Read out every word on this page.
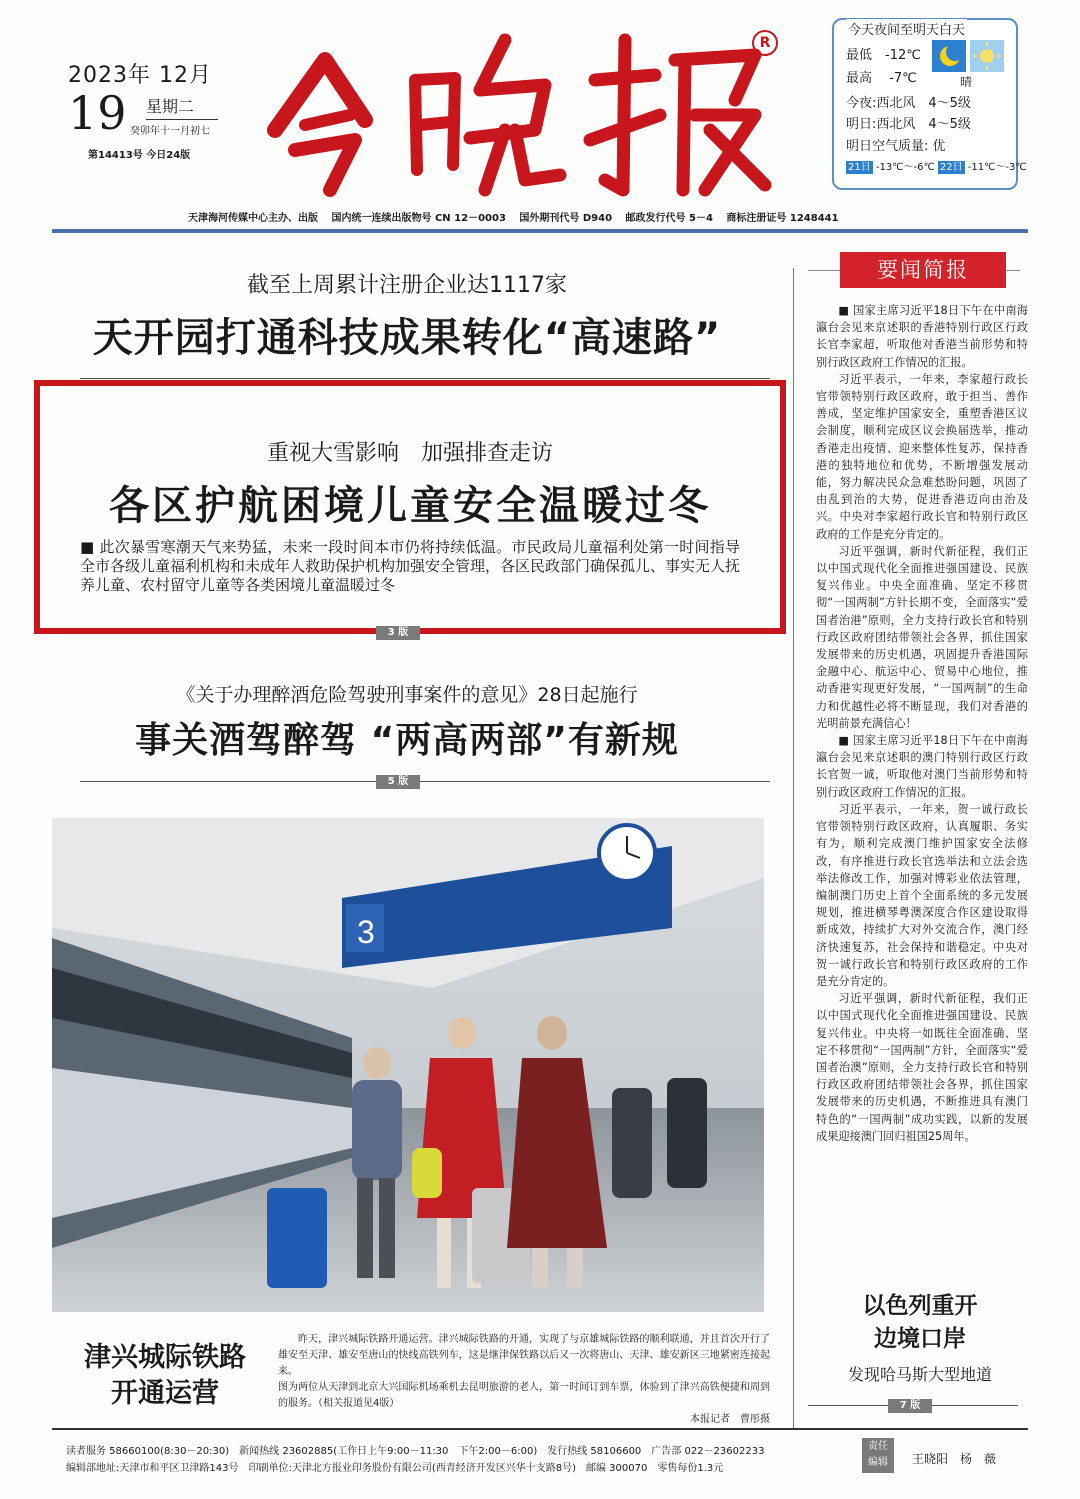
2023年 12月
19 星期二
癸卯年十一月初七
第14413号 今日24版
今晚报
R
今天夜间至明天白天
最低　-12℃
最高　 -7℃	晴
今夜:西北风　4～5级
明日:西北风　4～5级
明日空气质量: 优
21日 -13℃～-6℃ 22日 -11℃～-3℃
天津海河传媒中心主办、出版　 国内统一连续出版物号 CN 12－0003　 国外期刊代号 D940　 邮政发行代号 5－4　 商标注册证号 1248441
截至上周累计注册企业达1117家
天开园打通科技成果转化“高速路”
重视大雪影响　加强排查走访
各区护航困境儿童安全温暖过冬
■ 此次暴雪寒潮天气来势猛，未来一段时间本市仍将持续低温。市民政局儿童福利处第一时间指导全市各级儿童福利机构和未成年人救助保护机构加强安全管理，各区民政部门确保孤儿、事实无人抚养儿童、农村留守儿童等各类困境儿童温暖过冬
3 版
《关于办理醉酒危险驾驶刑事案件的意见》28日起施行
事关酒驾醉驾 “两高两部”有新规
5 版
3
津兴城际铁路
开通运营
昨天，津兴城际铁路开通运营。津兴城际铁路的开通，实现了与京雄城际铁路的顺利联通，并且首次开行了雄安至天津、雄安至唐山的快线高铁列车，这是继津保铁路以后又一次将唐山、天津、雄安新区三地紧密连接起来。
图为两位从天津到北京大兴国际机场乘机去昆明旅游的老人，第一时间订到车票，体验到了津兴高铁便捷和周到的服务。（相关报道见4版）
本报记者　曹彤摄
要闻简报

■ 国家主席习近平18日下午在中南海瀛台会见来京述职的香港特别行政区行政长官李家超，听取他对香港当前形势和特别行政区政府工作情况的汇报。

习近平表示，一年来，李家超行政长官带领特别行政区政府，敢于担当、善作善成，坚定维护国家安全，重塑香港区议会制度，顺利完成区议会换届选举，推动香港走出疫情、迎来整体性复苏，保持香港的独特地位和优势，不断增强发展动能，努力解决民众急难愁盼问题，巩固了由乱到治的大势，促进香港迈向由治及兴。中央对李家超行政长官和特别行政区政府的工作是充分肯定的。

习近平强调，新时代新征程，我们正以中国式现代化全面推进强国建设、民族复兴伟业。中央全面准确、坚定不移贯彻“一国两制”方针长期不变，全面落实“爱国者治港”原则，全力支持行政长官和特别行政区政府团结带领社会各界，抓住国家发展带来的历史机遇，巩固提升香港国际金融中心、航运中心、贸易中心地位，推动香港实现更好发展，“一国两制”的生命力和优越性必将不断显现，我们对香港的光明前景充满信心！

■ 国家主席习近平18日下午在中南海瀛台会见来京述职的澳门特别行政区行政长官贺一诚，听取他对澳门当前形势和特别行政区政府工作情况的汇报。

习近平表示，一年来，贺一诚行政长官带领特别行政区政府，认真履职、务实有为，顺利完成澳门维护国家安全法修改，有序推进行政长官选举法和立法会选举法修改工作，加强对博彩业依法管理，编制澳门历史上首个全面系统的多元发展规划，推进横琴粤澳深度合作区建设取得新成效，持续扩大对外交流合作，澳门经济快速复苏，社会保持和谐稳定。中央对贺一诚行政长官和特别行政区政府的工作是充分肯定的。

习近平强调，新时代新征程，我们正以中国式现代化全面推进强国建设、民族复兴伟业。中央将一如既往全面准确、坚定不移贯彻“一国两制”方针，全面落实“爱国者治澳”原则，全力支持行政长官和特别行政区政府团结带领社会各界，抓住国家发展带来的历史机遇，不断推进具有澳门特色的“一国两制”成功实践，以新的发展成果迎接澳门回归祖国25周年。

以色列重开
边境口岸
发现哈马斯大型地道
7 版
读者服务 58660100(8:30－20:30)　新闻热线 23602885(工作日上午9:00－11:30　下午2:00－6:00)　发行热线 58106600　广告部 022－23602233
编辑部地址:天津市和平区卫津路143号　印刷单位:天津北方报业印务股份有限公司(西青经济开发区兴华十支路8号)　邮编 300070　零售每份1.3元
责任
编辑	王晓阳　杨　薇
